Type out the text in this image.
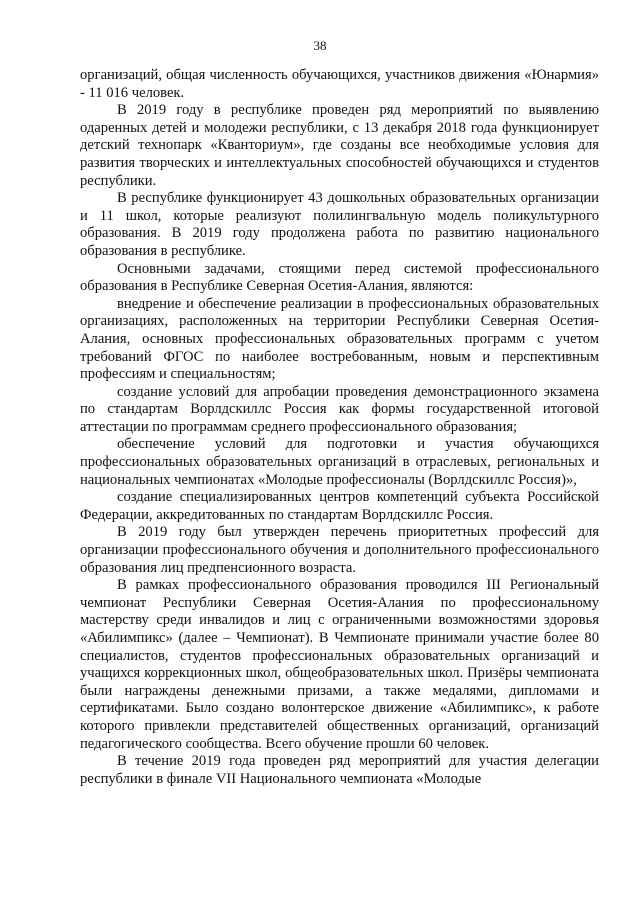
38

организаций, общая численность обучающихся, участников движения «Юнармия» - 11 016 человек.

В 2019 году в республике проведен ряд мероприятий по выявлению одаренных детей и молодежи республики, с 13 декабря 2018 года функционирует детский технопарк «Кванториум», где созданы все необходимые условия для развития творческих и интеллектуальных способностей обучающихся и студентов республики.

В республике функционирует 43 дошкольных образовательных организации и 11 школ, которые реализуют полилингвальную модель поликультурного образования. В 2019 году продолжена работа по развитию национального образования в республике.

Основными задачами, стоящими перед системой профессионального образования в Республике Северная Осетия-Алания, являются:

внедрение и обеспечение реализации в профессиональных образовательных организациях, расположенных на территории Республики Северная Осетия-Алания, основных профессиональных образовательных программ с учетом требований ФГОС по наиболее востребованным, новым и перспективным профессиям и специальностям;

создание условий для апробации проведения демонстрационного экзамена по стандартам Ворлдскиллс Россия как формы государственной итоговой аттестации по программам среднего профессионального образования;

обеспечение условий для подготовки и участия обучающихся профессиональных образовательных организаций в отраслевых, региональных и национальных чемпионатах «Молодые профессионалы (Ворлдскиллс Россия)»,

создание специализированных центров компетенций субъекта Российской Федерации, аккредитованных по стандартам Ворлдскиллс Россия.

В 2019 году был утвержден перечень приоритетных профессий для организации профессионального обучения и дополнительного профессионального образования лиц предпенсионного возраста.

В рамках профессионального образования проводился III Региональный чемпионат Республики Северная Осетия-Алания по профессиональному мастерству среди инвалидов и лиц с ограниченными возможностями здоровья «Абилимпикс» (далее – Чемпионат). В Чемпионате принимали участие более 80 специалистов, студентов профессиональных образовательных организаций и учащихся коррекционных школ, общеобразовательных школ. Призёры чемпионата были награждены денежными призами, а также медалями, дипломами и сертификатами. Было создано волонтерское движение «Абилимпикс», к работе которого привлекли представителей общественных организаций, организаций педагогического сообщества. Всего обучение прошли 60 человек.

В течение 2019 года проведен ряд мероприятий для участия делегации республики в финале VII Национального чемпионата «Молодые
